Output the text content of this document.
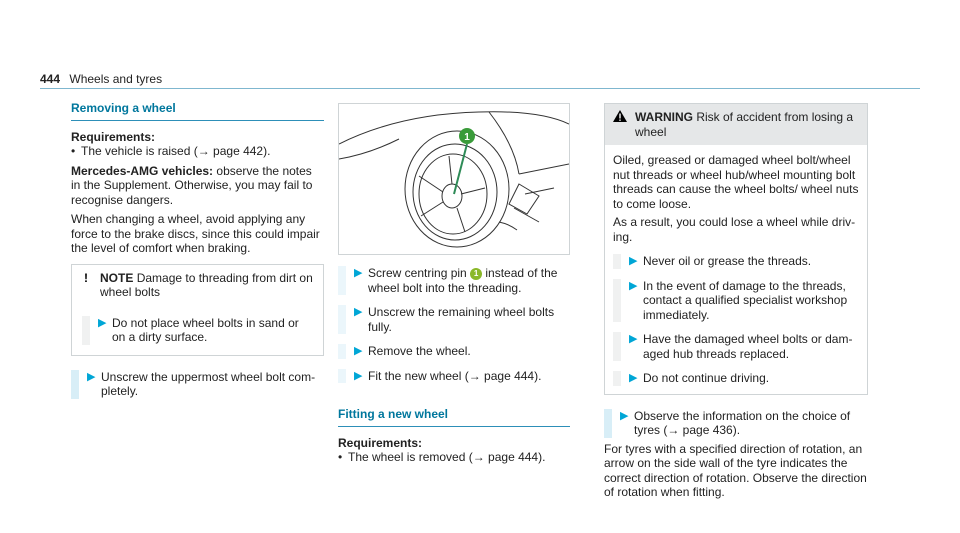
444 Wheels and tyres
Removing a wheel

Requirements:

• The vehicle is raised (→ page 442).

Mercedes-AMG vehicles: observe the notes in the Supplement. Otherwise, you may fail to recognise dangers.

When changing a wheel, avoid applying any force to the brake discs, since this could impair the level of comfort when braking.

! NOTE Damage to threading from dirt on wheel bolts
▶ Do not place wheel bolts in sand or on a dirty surface.
▶ Unscrew the uppermost wheel bolt completely.
1
▶ Screw centring pin 1 instead of the wheel bolt into the threading.
▶ Unscrew the remaining wheel bolts fully.
▶ Remove the wheel.
▶ Fit the new wheel (→ page 444).
Fitting a new wheel

Requirements:

• The wheel is removed (→ page 444).
WARNING Risk of accident from losing a wheel

Oiled, greased or damaged wheel bolt/wheel nut threads or wheel hub/wheel mounting bolt threads can cause the wheel bolts/ wheel nuts to come loose.

As a result, you could lose a wheel while driving.

▶ Never oil or grease the threads.
▶ In the event of damage to the threads, contact a qualified specialist workshop immediately.
▶ Have the damaged wheel bolts or damaged hub threads replaced.
▶ Do not continue driving.
▶ Observe the information on the choice of tyres (→ page 436).

For tyres with a specified direction of rotation, an arrow on the side wall of the tyre indicates the correct direction of rotation. Observe the direction of rotation when fitting.
